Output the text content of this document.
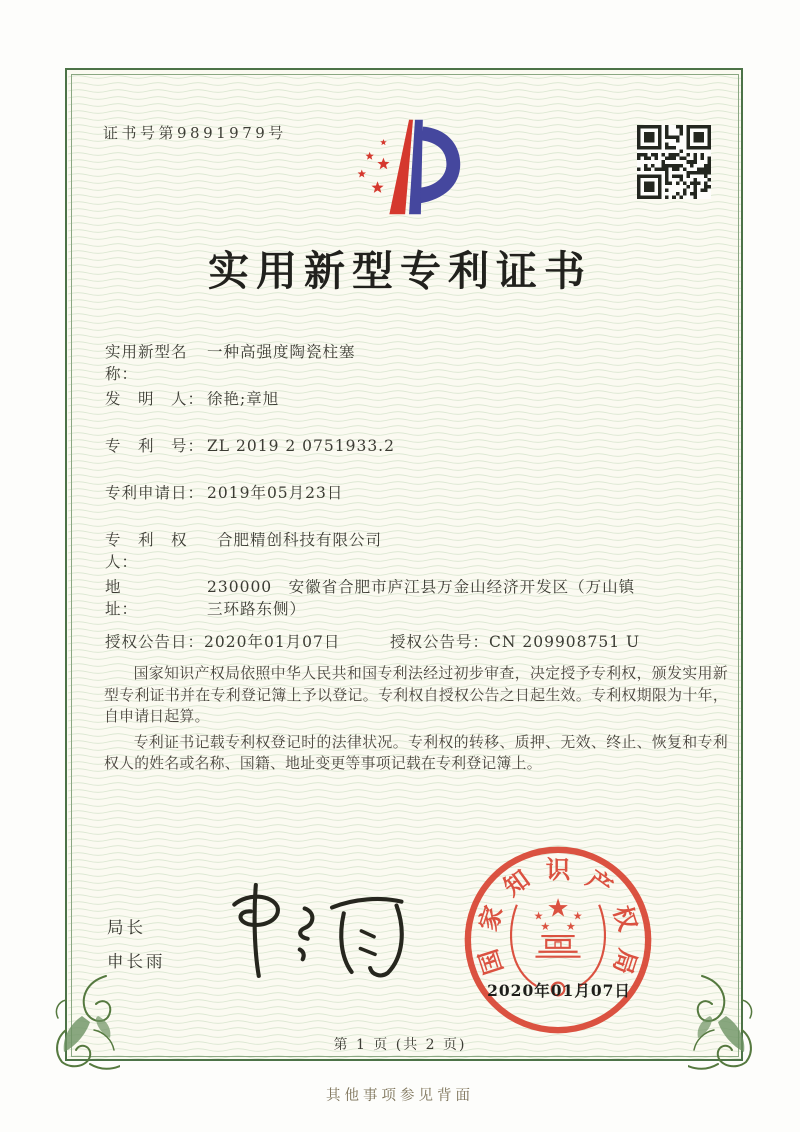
证书号第9891979号
实用新型专利证书
实用新型名称：
一种高强度陶瓷柱塞
发　明　人： 徐艳;章旭
专　利　号： ZL 2019 2 0751933.2
专利申请日： 2019年05月23日
专　利　权　人：
合肥精创科技有限公司
地　　　　址：
230000　安徽省合肥市庐江县万金山经济开发区（万山镇三环路东侧）
授权公告日：2020年01月07日	授权公告号：CN 209908751 U

国家知识产权局依照中华人民共和国专利法经过初步审查，决定授予专利权，颁发实用新型专利证书并在专利登记簿上予以登记。专利权自授权公告之日起生效。专利权期限为十年，自申请日起算。

专利证书记载专利权登记时的法律状况。专利权的转移、质押、无效、终止、恢复和专利权人的姓名或名称、国籍、地址变更等事项记载在专利登记簿上。

局长
申长雨
★
★	★
★ ★
国
家
知 识 产
权
局
2020年01月07日
第 1 页 (共 2 页)
其他事项参见背面
